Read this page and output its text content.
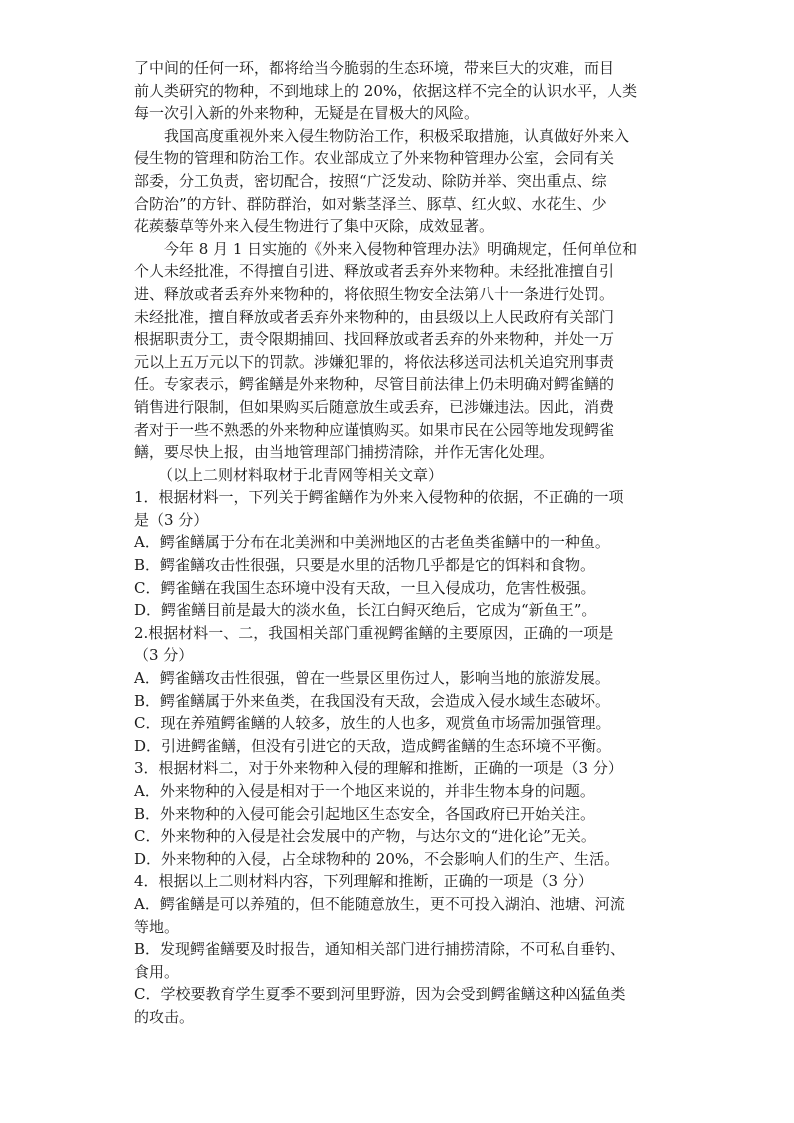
了中间的任何一环，都将给当今脆弱的生态环境，带来巨大的灾难，而目
前人类研究的物种，不到地球上的 20%，依据这样不完全的认识水平，人类
每一次引入新的外来物种，无疑是在冒极大的风险。
我国高度重视外来入侵生物防治工作，积极采取措施，认真做好外来入
侵生物的管理和防治工作。农业部成立了外来物种管理办公室，会同有关
部委，分工负责，密切配合，按照“广泛发动、除防并举、突出重点、综
合防治”的方针、群防群治，如对紫茎泽兰、豚草、红火蚁、水花生、少
花蒺藜草等外来入侵生物进行了集中灭除，成效显著。
今年 8 月 1 日实施的《外来入侵物种管理办法》明确规定，任何单位和
个人未经批准，不得擅自引进、释放或者丢弃外来物种。未经批准擅自引
进、释放或者丢弃外来物种的，将依照生物安全法第八十一条进行处罚。
未经批准，擅自释放或者丢弃外来物种的，由县级以上人民政府有关部门
根据职责分工，责令限期捕回、找回释放或者丢弃的外来物种，并处一万
元以上五万元以下的罚款。涉嫌犯罪的，将依法移送司法机关追究刑事责
任。专家表示，鳄雀鳝是外来物种，尽管目前法律上仍未明确对鳄雀鳝的
销售进行限制，但如果购买后随意放生或丢弃，已涉嫌违法。因此，消费
者对于一些不熟悉的外来物种应谨慎购买。如果市民在公园等地发现鳄雀
鳝，要尽快上报，由当地管理部门捕捞清除，并作无害化处理。
（以上二则材料取材于北青网等相关文章）
1．根据材料一，下列关于鳄雀鳝作为外来入侵物种的依据，不正确的一项
是（3 分）
A．鳄雀鳝属于分布在北美洲和中美洲地区的古老鱼类雀鳝中的一种鱼。
B．鳄雀鳝攻击性很强，只要是水里的活物几乎都是它的饵料和食物。
C．鳄雀鳝在我国生态环境中没有天敌，一旦入侵成功，危害性极强。
D．鳄雀鳝目前是最大的淡水鱼，长江白鲟灭绝后，它成为“新鱼王”。
2.根据材料一、二，我国相关部门重视鳄雀鳝的主要原因，正确的一项是
（3 分）
A．鳄雀鳝攻击性很强，曾在一些景区里伤过人，影响当地的旅游发展。
B．鳄雀鳝属于外来鱼类，在我国没有天敌，会造成入侵水域生态破坏。
C．现在养殖鳄雀鳝的人较多，放生的人也多，观赏鱼市场需加强管理。
D．引进鳄雀鳝，但没有引进它的天敌，造成鳄雀鳝的生态环境不平衡。
3．根据材料二，对于外来物种入侵的理解和推断，正确的一项是（3 分）
A．外来物种的入侵是相对于一个地区来说的，并非生物本身的问题。
B．外来物种的入侵可能会引起地区生态安全，各国政府已开始关注。
C．外来物种的入侵是社会发展中的产物，与达尔文的“进化论”无关。
D．外来物种的入侵，占全球物种的 20%，不会影响人们的生产、生活。
4．根据以上二则材料内容，下列理解和推断，正确的一项是（3 分）
A．鳄雀鳝是可以养殖的，但不能随意放生，更不可投入湖泊、池塘、河流
等地。
B．发现鳄雀鳝要及时报告，通知相关部门进行捕捞清除，不可私自垂钓、
食用。
C．学校要教育学生夏季不要到河里野游，因为会受到鳄雀鳝这种凶猛鱼类
的攻击。
